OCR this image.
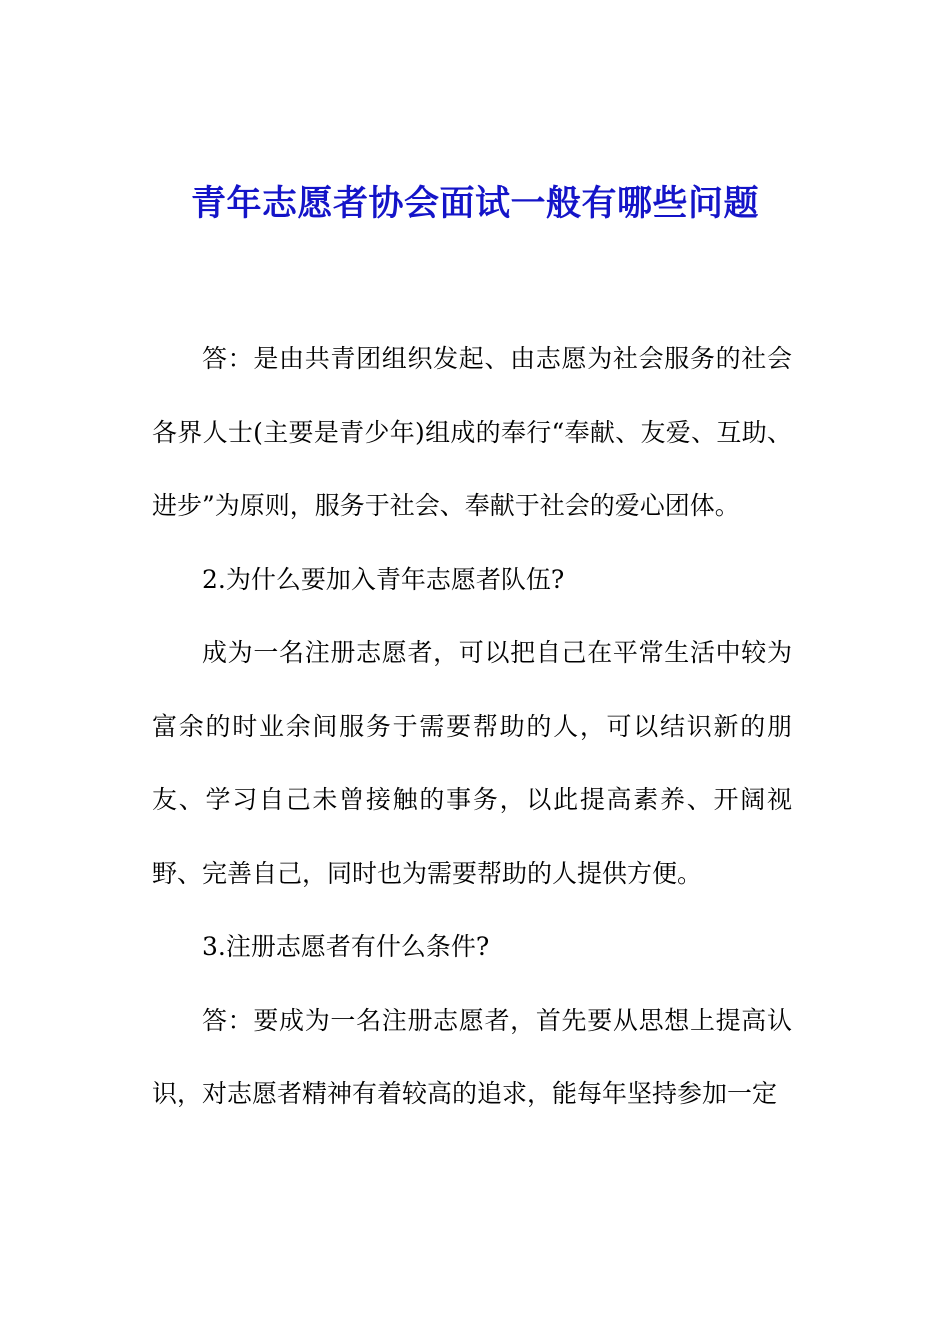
青年志愿者协会面试一般有哪些问题

答：是由共青团组织发起、由志愿为社会服务的社会各界人士(主要是青少年)组成的奉行“奉献、友爱、互助、进步”为原则，服务于社会、奉献于社会的爱心团体。

2.为什么要加入青年志愿者队伍?

成为一名注册志愿者，可以把自己在平常生活中较为富余的时业余间服务于需要帮助的人，可以结识新的朋友、学习自己未曾接触的事务，以此提高素养、开阔视野、完善自己，同时也为需要帮助的人提供方便。

3.注册志愿者有什么条件?

答：要成为一名注册志愿者，首先要从思想上提高认识，对志愿者精神有着较高的追求，能每年坚持参加一定
